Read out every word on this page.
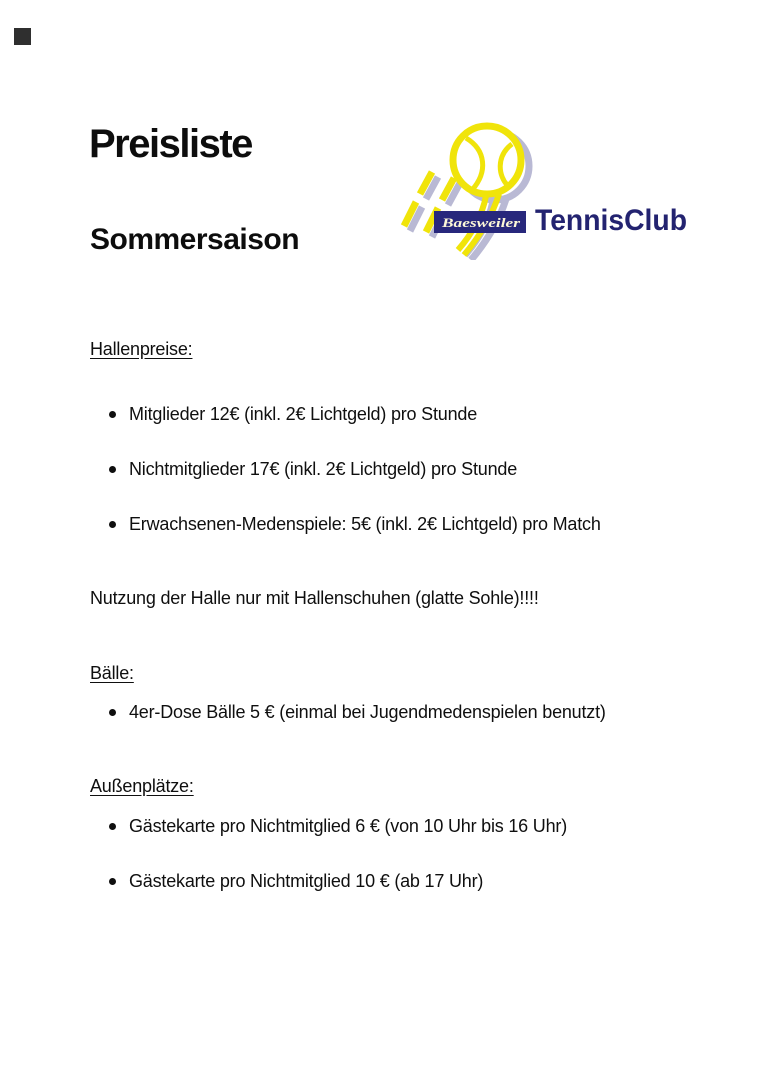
Preisliste
Baesweiler TennisClub
Sommersaison
Hallenpreise:
Mitglieder 12€ (inkl. 2€ Lichtgeld) pro Stunde
Nichtmitglieder 17€ (inkl. 2€ Lichtgeld) pro Stunde
Erwachsenen-Medenspiele: 5€ (inkl. 2€ Lichtgeld) pro Match
Nutzung der Halle nur mit Hallenschuhen (glatte Sohle)!!!!
Bälle:
4er-Dose Bälle 5 € (einmal bei Jugendmedenspielen benutzt)
Außenplätze:
Gästekarte pro Nichtmitglied 6 € (von 10 Uhr bis 16 Uhr)
Gästekarte pro Nichtmitglied 10 € (ab 17 Uhr)
